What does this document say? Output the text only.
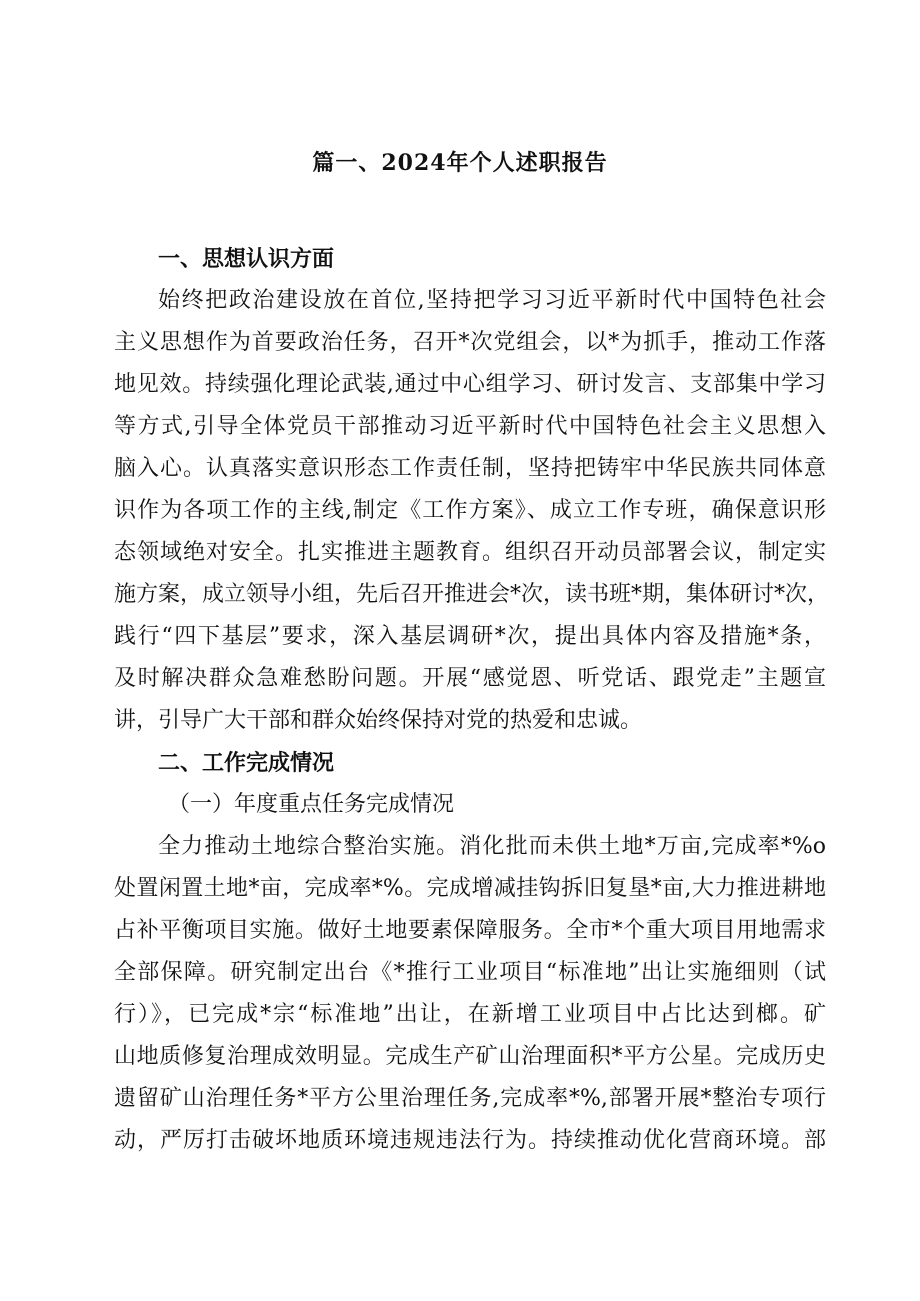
篇一、2024年个人述职报告
一、思想认识方面
始终把政治建设放在首位,坚持把学习习近平新时代中国特色社会
主义思想作为首要政治任务，召开*次党组会，以*为抓手，推动工作落
地见效。持续强化理论武装,通过中心组学习、研讨发言、支部集中学习
等方式,引导全体党员干部推动习近平新时代中国特色社会主义思想入
脑入心。认真落实意识形态工作责任制，坚持把铸牢中华民族共同体意
识作为各项工作的主线,制定《工作方案》、成立工作专班，确保意识形
态领域绝对安全。扎实推进主题教育。组织召开动员部署会议，制定实
施方案，成立领导小组，先后召开推进会*次，读书班*期，集体研讨*次，
践行“四下基层”要求，深入基层调研*次，提出具体内容及措施*条，
及时解决群众急难愁盼问题。开展“感觉恩、听党话、跟党走”主题宣
讲，引导广大干部和群众始终保持对党的热爱和忠诚。
二、工作完成情况
（一）年度重点任务完成情况
全力推动土地综合整治实施。消化批而未供土地*万亩,完成率*%o
处置闲置土地*亩，完成率*%。完成增减挂钩拆旧复垦*亩,大力推进耕地
占补平衡项目实施。做好土地要素保障服务。全市*个重大项目用地需求
全部保障。研究制定出台《*推行工业项目“标准地”出让实施细则（试
行）》，已完成*宗“标准地”出让，在新增工业项目中占比达到榔。矿
山地质修复治理成效明显。完成生产矿山治理面积*平方公星。完成历史
遗留矿山治理任务*平方公里治理任务,完成率*%,部署开展*整治专项行
动，严厉打击破坏地质环境违规违法行为。持续推动优化营商环境。部
